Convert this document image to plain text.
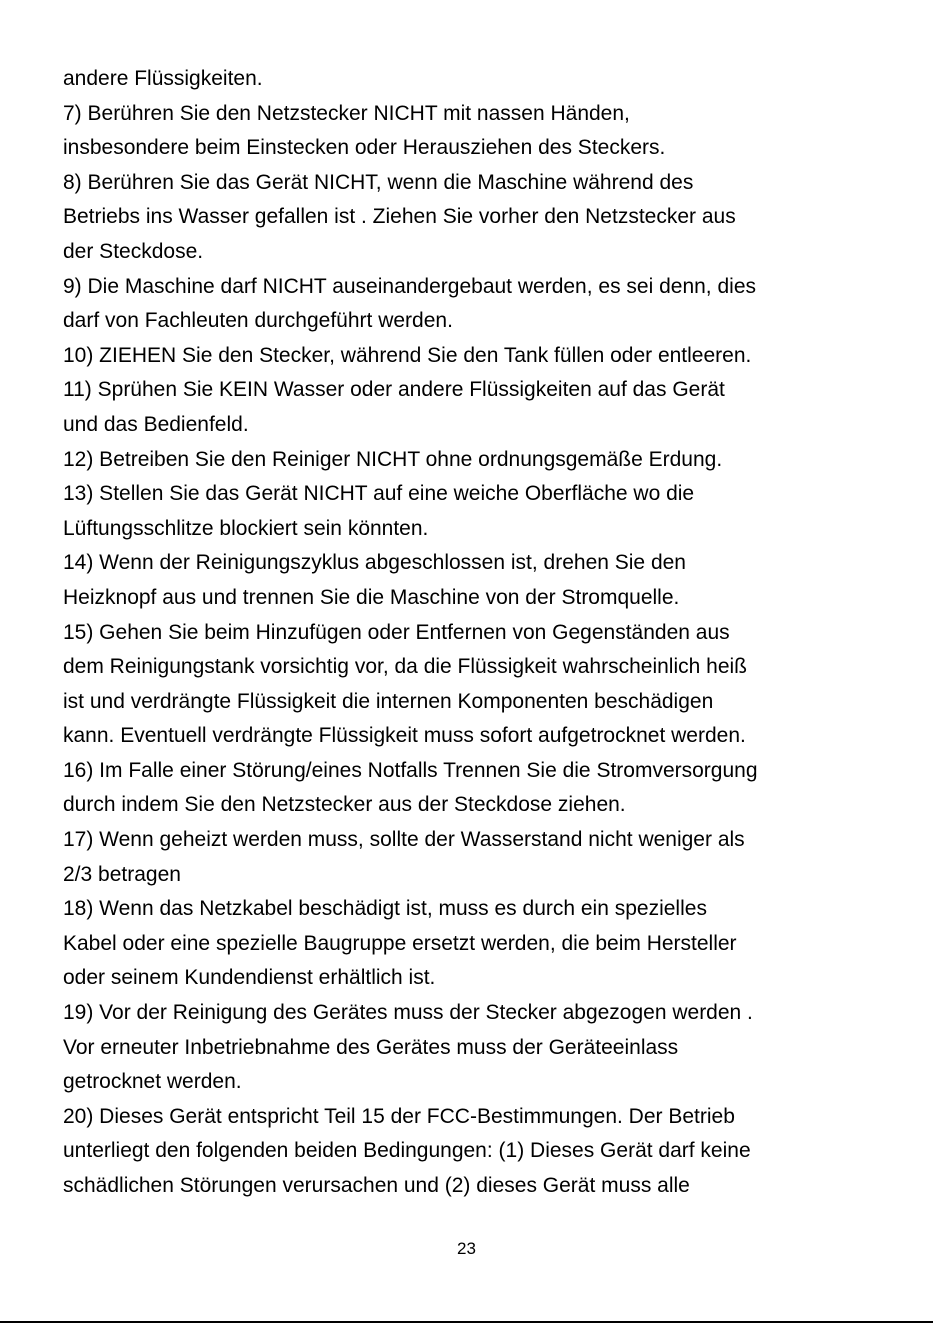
andere Flüssigkeiten.
7) Berühren Sie den Netzstecker NICHT mit nassen Händen,
insbesondere beim Einstecken oder Herausziehen des Steckers.
8) Berühren Sie das Gerät NICHT, wenn die Maschine während des
Betriebs ins Wasser gefallen ist . Ziehen Sie vorher den Netzstecker aus
der Steckdose.
9) Die Maschine darf NICHT auseinandergebaut werden, es sei denn, dies
darf von Fachleuten durchgeführt werden.
10) ZIEHEN Sie den Stecker, während Sie den Tank füllen oder entleeren.
11) Sprühen Sie KEIN Wasser oder andere Flüssigkeiten auf das Gerät
und das Bedienfeld.
12) Betreiben Sie den Reiniger NICHT ohne ordnungsgemäße Erdung.
13) Stellen Sie das Gerät NICHT auf eine weiche Oberfläche wo die
Lüftungsschlitze blockiert sein könnten.
14) Wenn der Reinigungszyklus abgeschlossen ist, drehen Sie den
Heizknopf aus und trennen Sie die Maschine von der Stromquelle.
15) Gehen Sie beim Hinzufügen oder Entfernen von Gegenständen aus
dem Reinigungstank vorsichtig vor, da die Flüssigkeit wahrscheinlich heiß
ist und verdrängte Flüssigkeit die internen Komponenten beschädigen
kann. Eventuell verdrängte Flüssigkeit muss sofort aufgetrocknet werden.
16) Im Falle einer Störung/eines Notfalls Trennen Sie die Stromversorgung
durch indem Sie den Netzstecker aus der Steckdose ziehen.
17) Wenn geheizt werden muss, sollte der Wasserstand nicht weniger als
2/3 betragen
18) Wenn das Netzkabel beschädigt ist, muss es durch ein spezielles
Kabel oder eine spezielle Baugruppe ersetzt werden, die beim Hersteller
oder seinem Kundendienst erhältlich ist.
19) Vor der Reinigung des Gerätes muss der Stecker abgezogen werden .
Vor erneuter Inbetriebnahme des Gerätes muss der Geräteeinlass
getrocknet werden.
20) Dieses Gerät entspricht Teil 15 der FCC-Bestimmungen. Der Betrieb
unterliegt den folgenden beiden Bedingungen: (1) Dieses Gerät darf keine
schädlichen Störungen verursachen und (2) dieses Gerät muss alle
23
